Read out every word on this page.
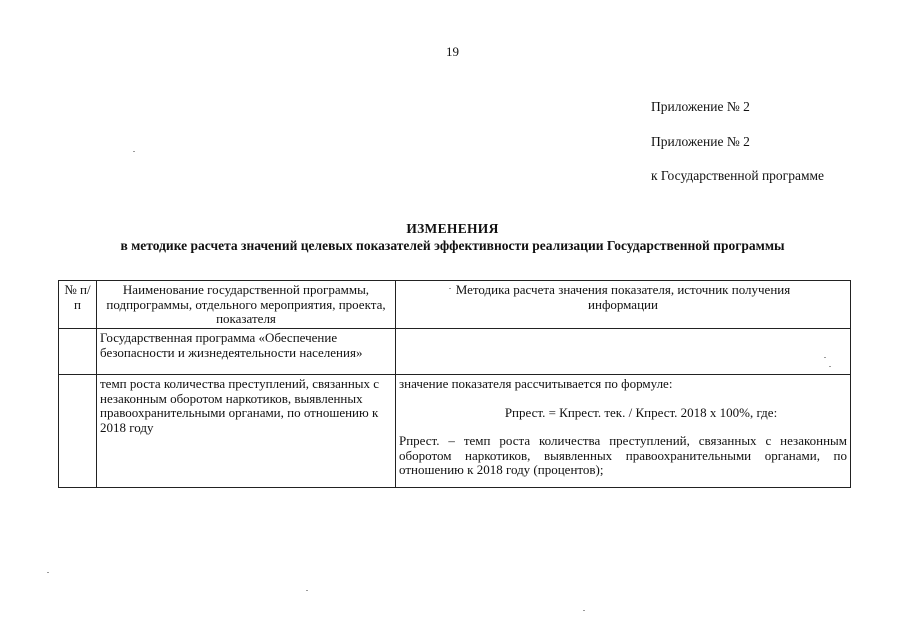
19
Приложение № 2
Приложение № 2
к Государственной программе
ИЗМЕНЕНИЯ
в методике расчета значений целевых показателей эффективности реализации Государственной программы
№ п/п	Наименование государственной программы, подпрограммы, отдельного мероприятия, проекта, показателя	Методика расчета значения показателя, источник получения информации
	Государственная программа «Обеспечение безопасности и жизнедеятельности населения»	
	темп роста количества преступлений, связанных с незаконным оборотом наркотиков, выявленных правоохранительными органами, по отношению к 2018 году	значение показателя рассчитывается по формуле:
Рпрест. = Кпрест. тек. / Кпрест. 2018 х 100%, где:
Рпрест. – темп роста количества преступлений, связанных с незаконным оборотом наркотиков, выявленных правоохранительными органами, по отношению к 2018 году (процентов);
